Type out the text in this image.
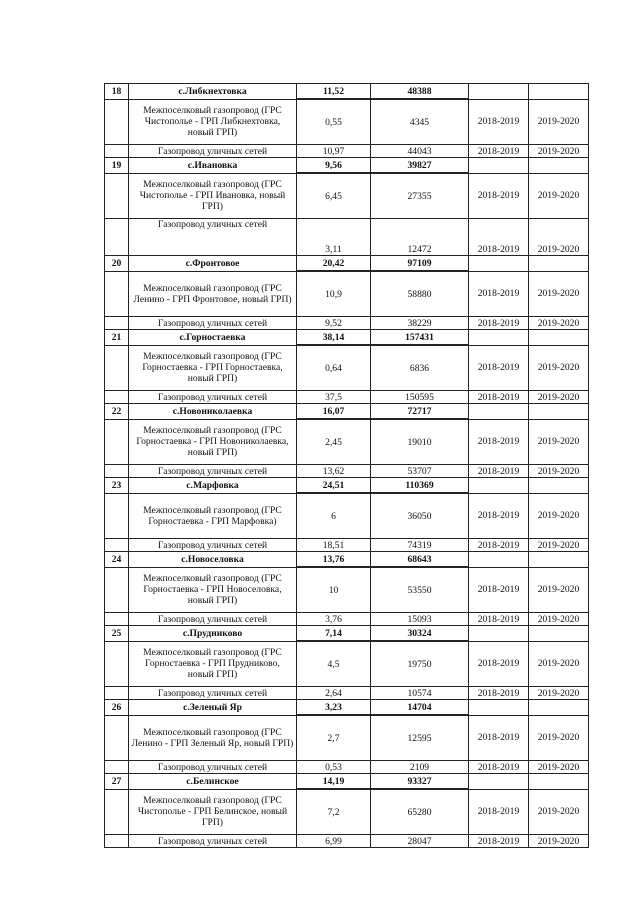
18	с.Либкнехтовка	11,52	48388		
	Межпоселковый газопровод (ГРС Чистополье - ГРП Либкнехтовка, новый ГРП)	0,55	4345	2018-2019	2019-2020
	Газопровод уличных сетей	10,97	44043	2018-2019	2019-2020
19	с.Ивановка	9,56	39827		
	Межпоселковый газопровод (ГРС Чистополье - ГРП Ивановка, новый ГРП)	6,45	27355	2018-2019	2019-2020
	Газопровод уличных сетей	3,11	12472	2018-2019	2019-2020
20	с.Фронтовое	20,42	97109		
	Межпоселковый газопровод (ГРС Ленино - ГРП Фронтовое, новый ГРП)	10,9	58880	2018-2019	2019-2020
	Газопровод уличных сетей	9,52	38229	2018-2019	2019-2020
21	с.Горностаевка	38,14	157431		
	Межпоселковый газопровод (ГРС Горностаевка - ГРП Горностаевка, новый ГРП)	0,64	6836	2018-2019	2019-2020
	Газопровод уличных сетей	37,5	150595	2018-2019	2019-2020
22	с.Новониколаевка	16,07	72717		
	Межпоселковый газопровод (ГРС Горностаевка - ГРП Новониколаевка, новый ГРП)	2,45	19010	2018-2019	2019-2020
	Газопровод уличных сетей	13,62	53707	2018-2019	2019-2020
23	с.Марфовка	24,51	110369		
	Межпоселковый газопровод (ГРС Горностаевка - ГРП Марфовка)	6	36050	2018-2019	2019-2020
	Газопровод уличных сетей	18,51	74319	2018-2019	2019-2020
24	с.Новоселовка	13,76	68643		
	Межпоселковый газопровод (ГРС Горностаевка - ГРП Новоселовка, новый ГРП)	10	53550	2018-2019	2019-2020
	Газопровод уличных сетей	3,76	15093	2018-2019	2019-2020
25	с.Прудниково	7,14	30324		
	Межпоселковый газопровод (ГРС Горностаевка - ГРП Прудниково, новый ГРП)	4,5	19750	2018-2019	2019-2020
	Газопровод уличных сетей	2,64	10574	2018-2019	2019-2020
26	с.Зеленый Яр	3,23	14704		
	Межпоселковый газопровод (ГРС Ленино - ГРП Зеленый Яр, новый ГРП)	2,7	12595	2018-2019	2019-2020
	Газопровод уличных сетей	0,53	2109	2018-2019	2019-2020
27	с.Белинское	14,19	93327		
	Межпоселковый газопровод (ГРС Чистополье - ГРП Белинское, новый ГРП)	7,2	65280	2018-2019	2019-2020
	Газопровод уличных сетей	6,99	28047	2018-2019	2019-2020
